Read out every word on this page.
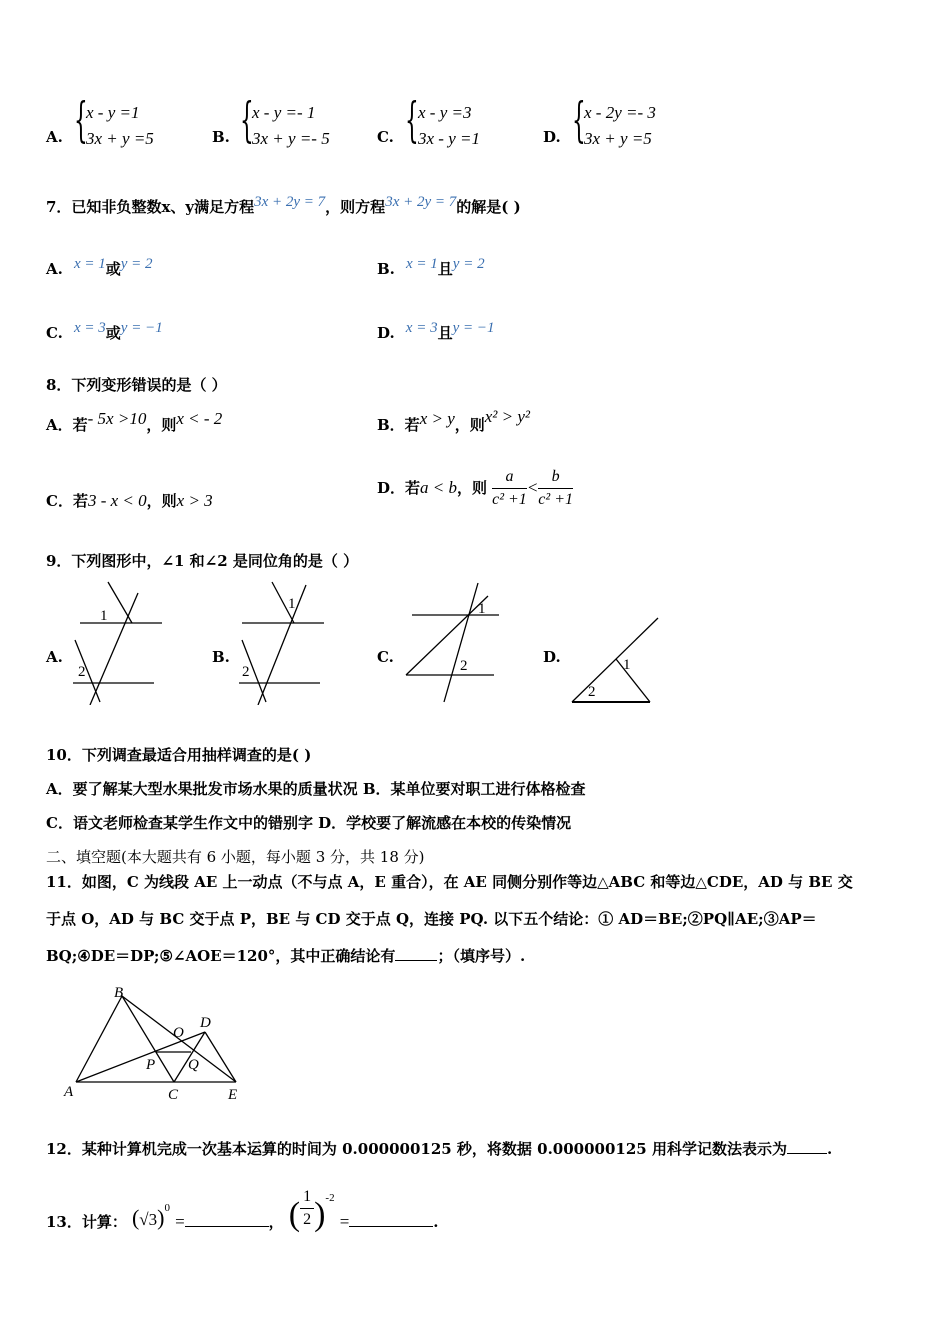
A. {
x - y =1
3x + y =5	B. {
x - y =- 1
3x + y =- 5	C. { x - y =3
3x - y =1	D. {
x - 2y =- 3
3x + y =5
7．已知非负整数x、y满足方程3x + 2y = 7，则方程3x + 2y = 7的解是( )
A. x = 1或y = 2	B. x = 1且y = 2
C. x = 3或y = −1	D. x = 3且y = −1
8．下列变形错误的是（ ）
A．若- 5x >10，则x < - 2	B．若x > y，则x² > y²
C．若3 - x < 0，则x > 3
D．若a < b，则 $\frac{a}{\text{c² +1}} < \frac{b}{\text{c² +1}}$
9．下列图形中，∠1 和∠2 是同位角的是（ ）
A.
1
2
B.
1
2
C.
1
2	D.	1
2
10．下列调查最适合用抽样调查的是( )
A．要了解某大型水果批发市场水果的质量状况 B．某单位要对职工进行体格检查
C．语文老师检查某学生作文中的错别字 D．学校要了解流感在本校的传染情况
二、填空题(本大题共有 6 小题，每小题 3 分，共 18 分)
11．如图，C 为线段 AE 上一动点（不与点 A，E 重合），在 AE 同侧分别作等边△ABC 和等边△CDE，AD 与 BE 交
于点 O，AD 与 BC 交于点 P，BE 与 CD 交于点 Q，连接 PQ. 以下五个结论：① AD＝BE;②PQ∥AE;③AP＝
BQ;④DE＝DP;⑤∠AOE＝120°，其中正确结论有	；（填序号）.
A
B
C
D
E
O
P Q
12．某种计算机完成一次基本运算的时间为 0.000000125 秒，将数据 0.000000125 用科学记数法表示为	.
13．计算： $(√3)_0$ =	， ( $\frac{1}{2} )^{-2}$ =	.
